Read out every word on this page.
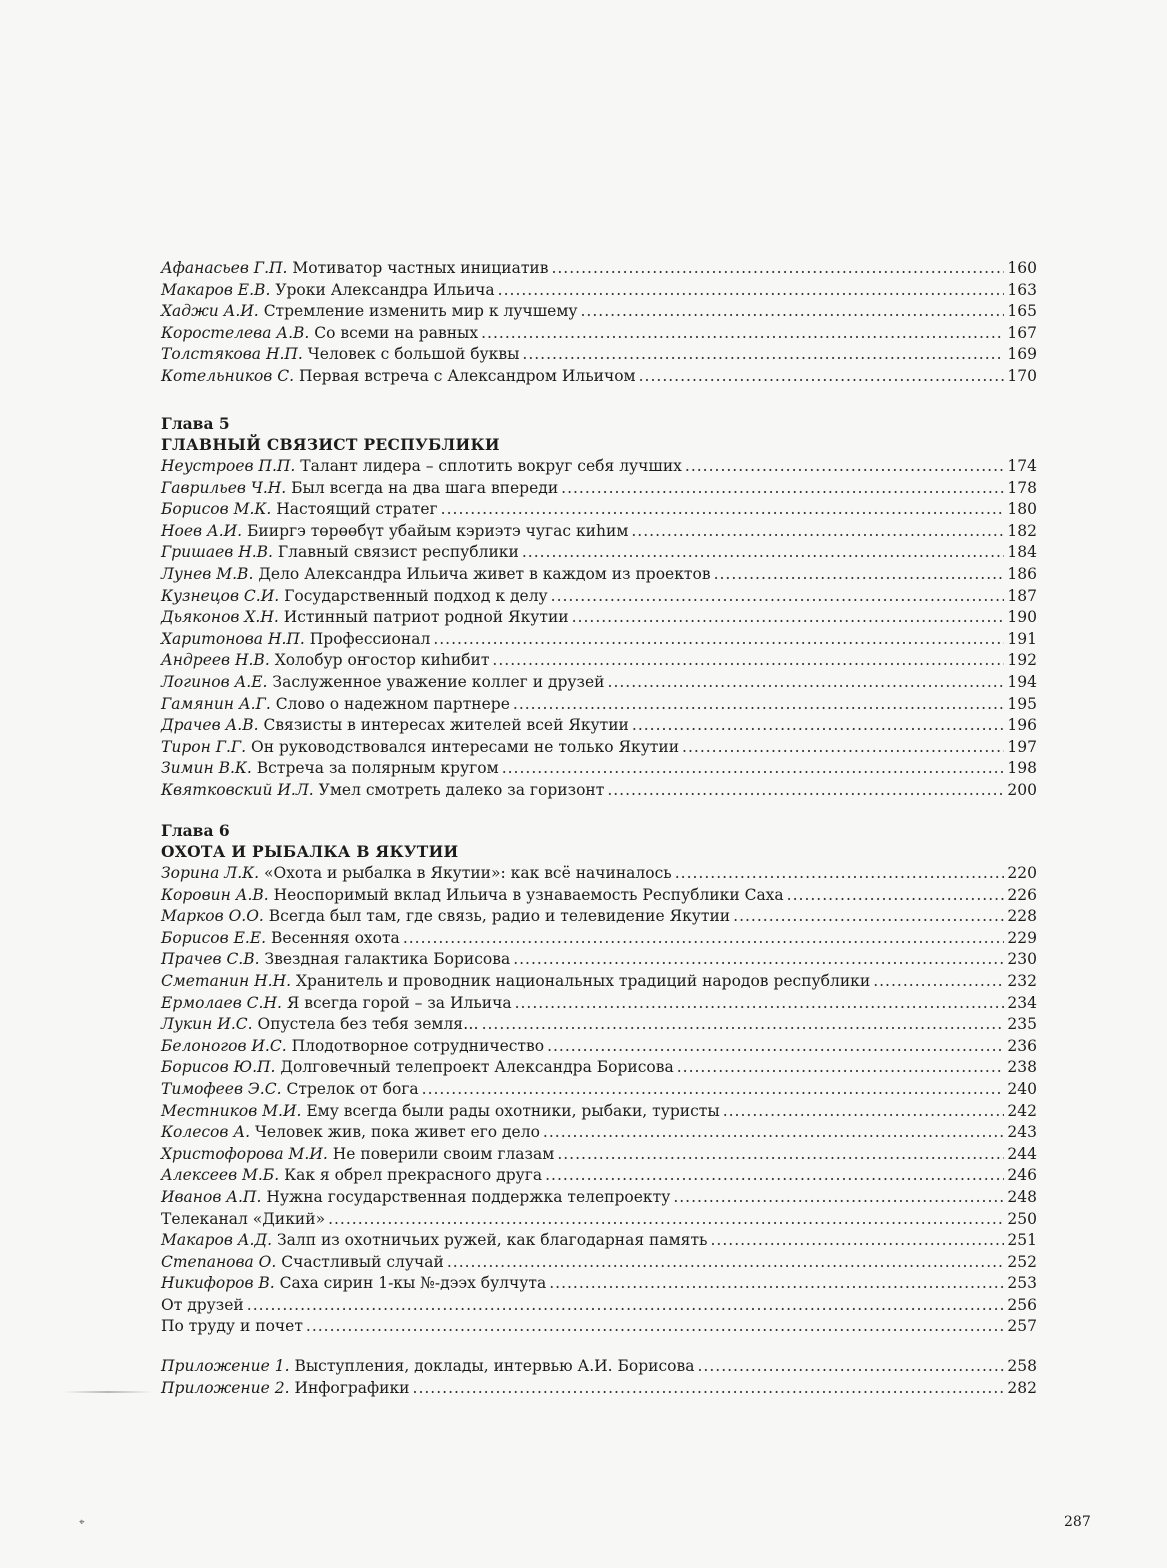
Афанасьев Г.П. Мотиватор частных инициатив .....	160
Макаров Е.В. Уроки Александра Ильича .....	163
Хаджи А.И. Стремление изменить мир к лучшему .....	165
Коростелева А.В. Со всеми на равных .....	167
Толстякова Н.П. Человек с большой буквы .....	169
Котельников С. Первая встреча с Александром Ильичом .....	170
Глава 5
ГЛАВНЫЙ СВЯЗИСТ РЕСПУБЛИКИ
Неустроев П.П. Талант лидера – сплотить вокруг себя лучших .....	174
Гаврильев Ч.Н. Был всегда на два шага впереди .....	178
Борисов М.К. Настоящий стратег .....	180
Ноев А.И. Бииргэ төрөөбүт убайым кэриэтэ чугас киһим .....	182
Гришаев Н.В. Главный связист республики .....	184
Лунев М.В. Дело Александра Ильича живет в каждом из проектов .....	186
Кузнецов С.И. Государственный подход к делу .....	187
Дьяконов Х.Н. Истинный патриот родной Якутии .....	190
Харитонова Н.П. Профессионал .....	191
Андреев Н.В. Холобур оҥостор киһибит .....	192
Логинов А.Е. Заслуженное уважение коллег и друзей .....	194
Гамянин А.Г. Слово о надежном партнере .....	195
Драчев А.В. Связисты в интересах жителей всей Якутии .....	196
Тирон Г.Г. Он руководствовался интересами не только Якутии .....	197
Зимин В.К. Встреча за полярным кругом .....	198
Квятковский И.Л. Умел смотреть далеко за горизонт .....	200
Глава 6
ОХОТА И РЫБАЛКА В ЯКУТИИ
Зорина Л.К. «Охота и рыбалка в Якутии»: как всё начиналось .....	220
Коровин А.В. Неоспоримый вклад Ильича в узнаваемость Республики Саха .....	226
Марков О.О. Всегда был там, где связь, радио и телевидение Якутии .....	228
Борисов Е.Е. Весенняя охота .....	229
Прачев С.В. Звездная галактика Борисова .....	230
Сметанин Н.Н. Хранитель и проводник национальных традиций народов республики .....	232
Ермолаев С.Н. Я всегда горой – за Ильича .....	234
Лукин И.С. Опустела без тебя земля… .....	235
Белоногов И.С. Плодотворное сотрудничество .....	236
Борисов Ю.П. Долговечный телепроект Александра Борисова .....	238
Тимофеев Э.С. Стрелок от бога .....	240
Местников М.И. Ему всегда были рады охотники, рыбаки, туристы .....	242
Колесов А. Человек жив, пока живет его дело .....	243
Христофорова М.И. Не поверили своим глазам .....	244
Алексеев М.Б. Как я обрел прекрасного друга .....	246
Иванов А.П. Нужна государственная поддержка телепроекту .....	248
Телеканал «Дикий» .....	250
Макаров А.Д. Залп из охотничьих ружей, как благодарная память .....	251
Степанова О. Счастливый случай .....	252
Никифоров В. Саха сирин 1-кы №-дээх булчута .....	253
От друзей .....	256
По труду и почет .....	257
Приложение 1. Выступления, доклады, интервью А.И. Борисова .....	258
Приложение 2. Инфографики .....	282
⌖	287
